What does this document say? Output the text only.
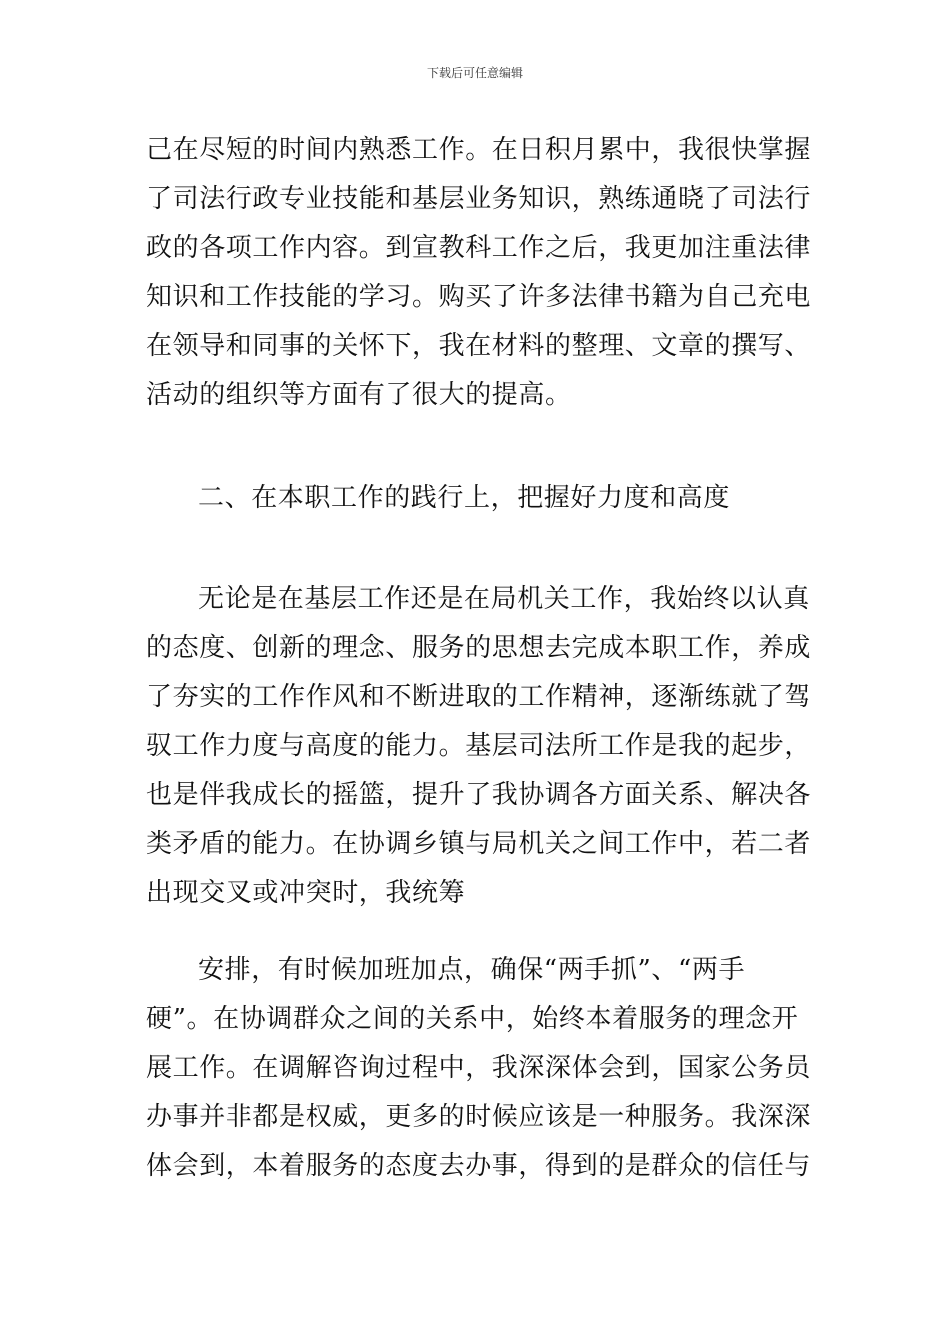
下载后可任意编辑
己在尽短的时间内熟悉工作。在日积月累中，我很快掌握
了司法行政专业技能和基层业务知识，熟练通晓了司法行
政的各项工作内容。到宣教科工作之后，我更加注重法律
知识和工作技能的学习。购买了许多法律书籍为自己充电
在领导和同事的关怀下，我在材料的整理、文章的撰写、
活动的组织等方面有了很大的提高。
二、在本职工作的践行上，把握好力度和高度
无论是在基层工作还是在局机关工作，我始终以认真
的态度、创新的理念、服务的思想去完成本职工作，养成
了夯实的工作作风和不断进取的工作精神，逐渐练就了驾
驭工作力度与高度的能力。基层司法所工作是我的起步，
也是伴我成长的摇篮，提升了我协调各方面关系、解决各
类矛盾的能力。在协调乡镇与局机关之间工作中，若二者
出现交叉或冲突时，我统筹
安排，有时候加班加点，确保“两手抓”、“两手
硬”。在协调群众之间的关系中，始终本着服务的理念开
展工作。在调解咨询过程中，我深深体会到，国家公务员
办事并非都是权威，更多的时候应该是一种服务。我深深
体会到，本着服务的态度去办事，得到的是群众的信任与
